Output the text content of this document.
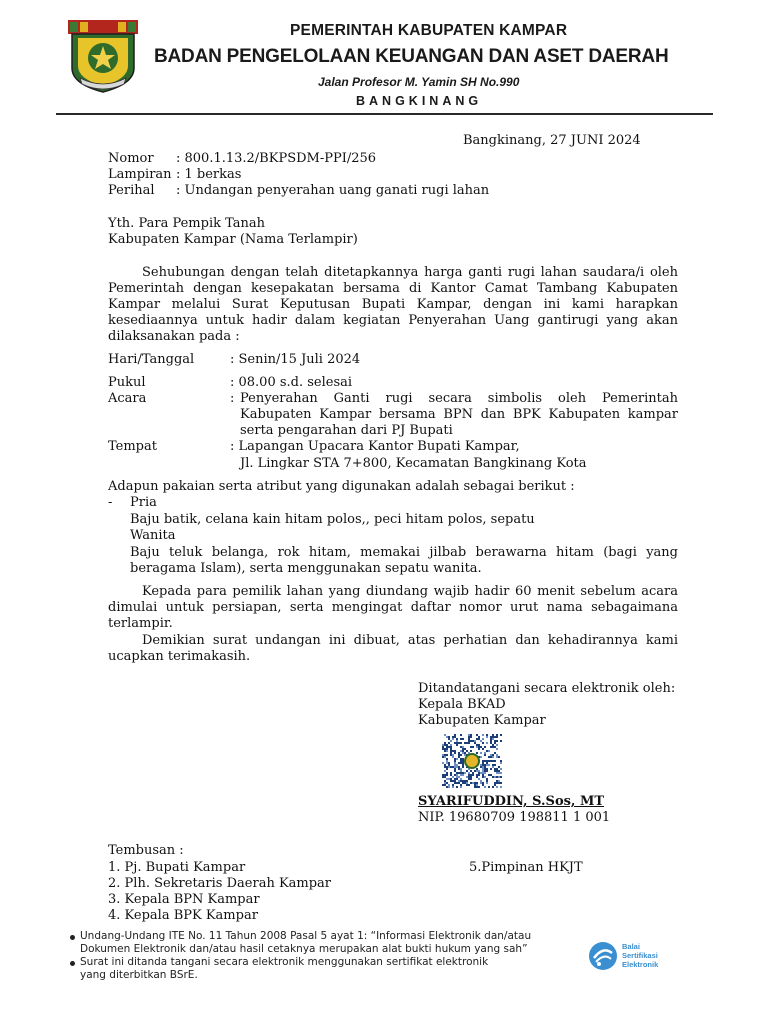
PEMERINTAH KABUPATEN KAMPAR
BADAN PENGELOLAAN KEUANGAN DAN ASET DAERAH
Jalan Profesor M. Yamin SH No.990
BANGKINANG
Bangkinang, 27 JUNI 2024
Nomor : 800.1.13.2/BKPSDM-PPI/256
Lampiran : 1 berkas
Perihal : Undangan penyerahan uang ganati rugi lahan
Yth. Para Pempik Tanah
Kabupaten Kampar (Nama Terlampir)
Sehubungan dengan telah ditetapkannya harga ganti rugi lahan saudara/i oleh
Pemerintah dengan kesepakatan bersama di Kantor Camat Tambang Kabupaten
Kampar melalui Surat Keputusan Bupati Kampar, dengan ini kami harapkan
kesediaannya untuk hadir dalam kegiatan Penyerahan Uang gantirugi yang akan
dilaksanakan pada :
Hari/Tanggal	: Senin/15 Juli 2024
Pukul	: 08.00 s.d. selesai
Acara	: Penyerahan Ganti rugi secara simbolis oleh Pemerintah
Kabupaten Kampar bersama BPN dan BPK Kabupaten kampar
serta pengarahan dari PJ Bupati
Tempat	: Lapangan Upacara Kantor Bupati Kampar,
Jl. Lingkar STA 7+800, Kecamatan Bangkinang Kota
Adapun pakaian serta atribut yang digunakan adalah sebagai berikut :
- Pria
Baju batik, celana kain hitam polos,, peci hitam polos, sepatu
Wanita
Baju teluk belanga, rok hitam, memakai jilbab berawarna hitam (bagi yang
beragama Islam), serta menggunakan sepatu wanita.
Kepada para pemilik lahan yang diundang wajib hadir 60 menit sebelum acara
dimulai untuk persiapan, serta mengingat daftar nomor urut nama sebagaimana
terlampir.
Demikian surat undangan ini dibuat, atas perhatian dan kehadirannya kami
ucapkan terimakasih.
Ditandatangani secara elektronik oleh:
Kepala BKAD
Kabupaten Kampar
SYARIFUDDIN, S.Sos, MT
NIP. 19680709 198811 1 001
Tembusan :
1. Pj. Bupati Kampar
2. Plh. Sekretaris Daerah Kampar
3. Kepala BPN Kampar
4. Kepala BPK Kampar
5.Pimpinan HKJT
Undang-Undang ITE No. 11 Tahun 2008 Pasal 5 ayat 1: “Informasi Elektronik dan/atau
Dokumen Elektronik dan/atau hasil cetaknya merupakan alat bukti hukum yang sah”
Surat ini ditanda tangani secara elektronik menggunakan sertifikat elektronik
yang diterbitkan BSrE.
Balai
Sertifikasi
Elektronik
